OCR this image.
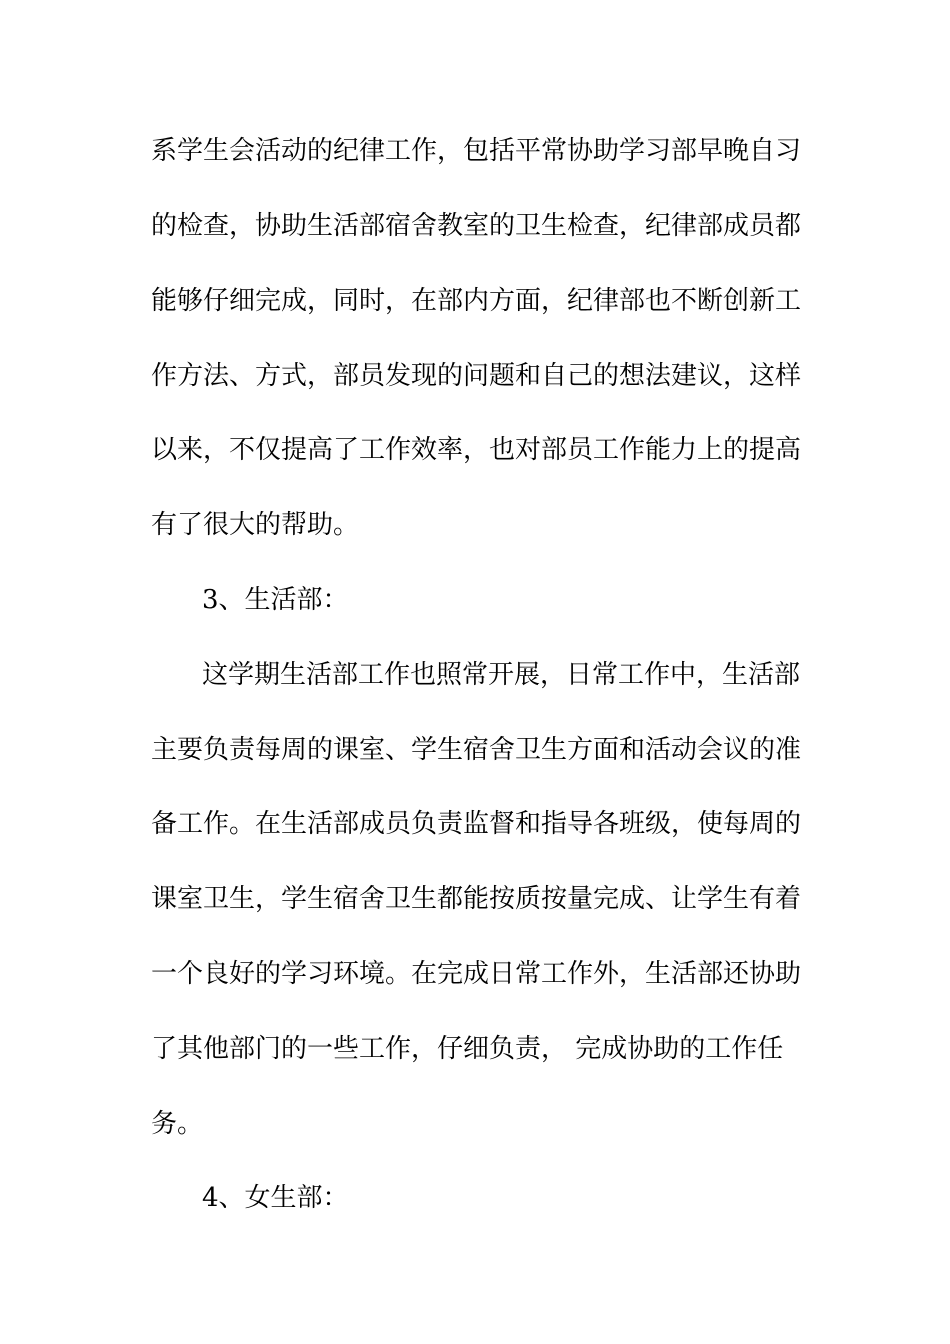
系学生会活动的纪律工作，包括平常协助学习部早晚自习

的检查，协助生活部宿舍教室的卫生检查，纪律部成员都

能够仔细完成，同时，在部内方面，纪律部也不断创新工

作方法、方式，部员发现的问题和自己的想法建议，这样

以来，不仅提高了工作效率，也对部员工作能力上的提高

有了很大的帮助。

3、生活部：

这学期生活部工作也照常开展，日常工作中，生活部

主要负责每周的课室、学生宿舍卫生方面和活动会议的准

备工作。在生活部成员负责监督和指导各班级，使每周的

课室卫生，学生宿舍卫生都能按质按量完成、让学生有着

一个良好的学习环境。在完成日常工作外，生活部还协助

了其他部门的一些工作，仔细负责， 完成协助的工作任

务。

4、女生部：
